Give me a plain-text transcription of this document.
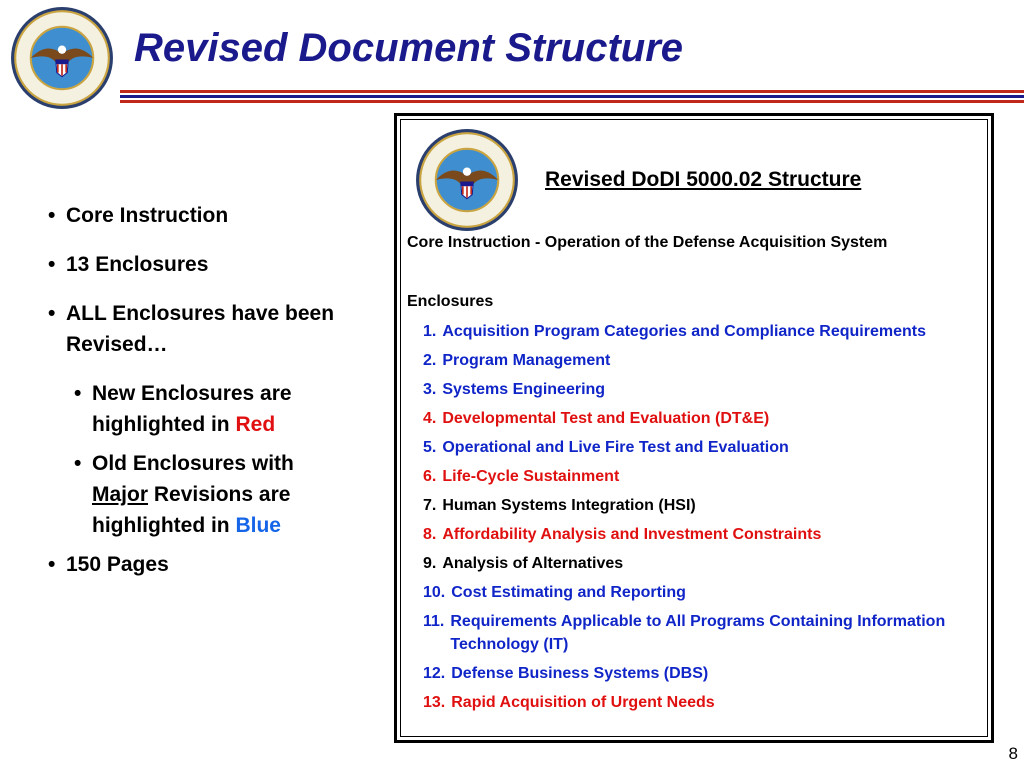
Revised Document Structure
• Core Instruction
• 13 Enclosures
• ALL Enclosures have been Revised…
• New Enclosures are highlighted in Red
• Old Enclosures with
Major Revisions are highlighted in Blue
• 150 Pages
Revised DoDI 5000.02 Structure
Core Instruction - Operation of the Defense Acquisition System
Enclosures
1. Acquisition Program Categories and Compliance Requirements
2. Program Management
3. Systems Engineering
4. Developmental Test and Evaluation (DT&E)
5. Operational and Live Fire Test and Evaluation
6. Life-Cycle Sustainment
7. Human Systems Integration (HSI)
8. Affordability Analysis and Investment Constraints
9. Analysis of Alternatives
10. Cost Estimating and Reporting
11. Requirements Applicable to All Programs Containing Information Technology (IT)
12. Defense Business Systems (DBS)
13. Rapid Acquisition of Urgent Needs
8
